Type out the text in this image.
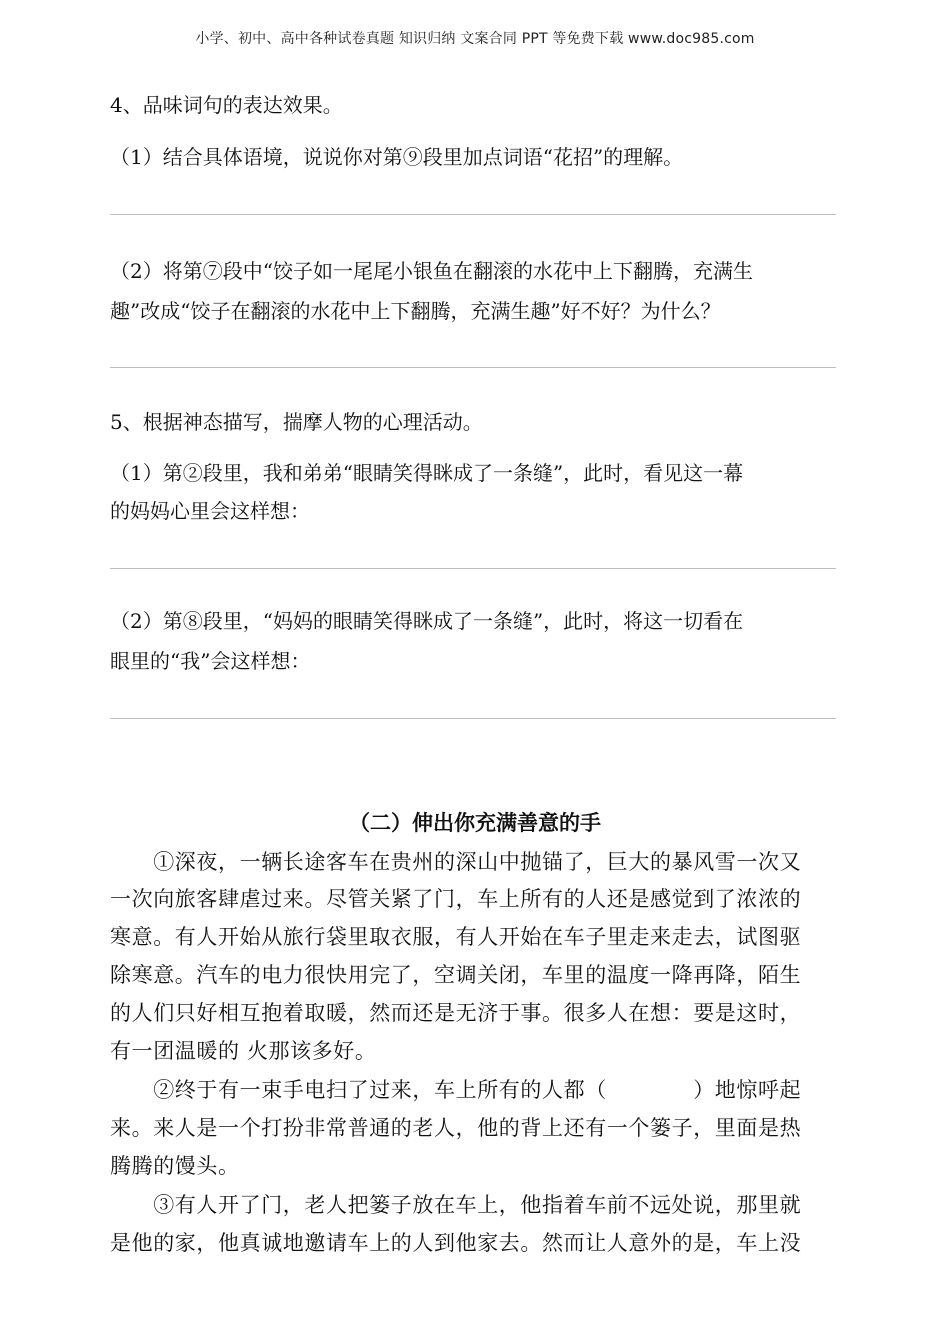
小学、初中、高中各种试卷真题 知识归纳 文案合同 PPT 等免费下载 www.doc985.com
4、品味词句的表达效果。
（1）结合具体语境，说说你对第⑨段里加点词语“花招”的理解。
（2）将第⑦段中“饺子如一尾尾小银鱼在翻滚的水花中上下翻腾，充满生
趣”改成“饺子在翻滚的水花中上下翻腾，充满生趣”好不好？为什么？
5、根据神态描写，揣摩人物的心理活动。
（1）第②段里，我和弟弟“眼睛笑得眯成了一条缝”，此时，看见这一幕
的妈妈心里会这样想：
（2）第⑧段里，“妈妈的眼睛笑得眯成了一条缝”，此时，将这一切看在
眼里的“我”会这样想：
（二）伸出你充满善意的手
　　①深夜，一辆长途客车在贵州的深山中抛锚了，巨大的暴风雪一次又
一次向旅客肆虐过来。尽管关紧了门，车上所有的人还是感觉到了浓浓的
寒意。有人开始从旅行袋里取衣服，有人开始在车子里走来走去，试图驱
除寒意。汽车的电力很快用完了，空调关闭，车里的温度一降再降，陌生
的人们只好相互抱着取暖，然而还是无济于事。很多人在想：要是这时，
有一团温暖的 火那该多好。
　　②终于有一束手电扫了过来，车上所有的人都（　　　　）地惊呼起
来。来人是一个打扮非常普通的老人，他的背上还有一个篓子，里面是热
腾腾的馒头。
　　③有人开了门，老人把篓子放在车上，他指着车前不远处说，那里就
是他的家，他真诚地邀请车上的人到他家去。然而让人意外的是，车上没
